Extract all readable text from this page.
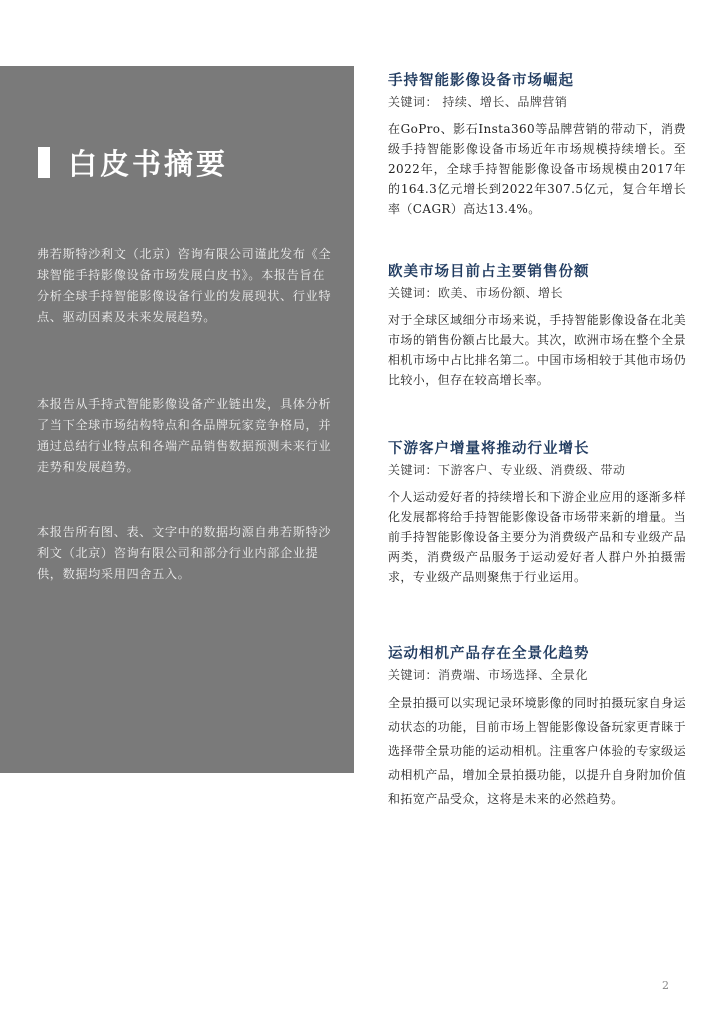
白皮书摘要

弗若斯特沙利文（北京）咨询有限公司谨此发布《全球智能手持影像设备市场发展白皮书》。本报告旨在分析全球手持智能影像设备行业的发展现状、行业特点、驱动因素及未来发展趋势。

本报告从手持式智能影像设备产业链出发，具体分析了当下全球市场结构特点和各品牌玩家竞争格局，并通过总结行业特点和各端产品销售数据预测未来行业走势和发展趋势。

本报告所有图、表、文字中的数据均源自弗若斯特沙利文（北京）咨询有限公司和部分行业内部企业提供，数据均采用四舍五入。

手持智能影像设备市场崛起
关键词： 持续、增长、品牌营销

在GoPro、影石Insta360等品牌营销的带动下，消费级手持智能影像设备市场近年市场规模持续增长。至2022年，全球手持智能影像设备市场规模由2017年的164.3亿元增长到2022年307.5亿元，复合年增长率（CAGR）高达13.4%。

欧美市场目前占主要销售份额
关键词：欧美、市场份额、增长

对于全球区域细分市场来说，手持智能影像设备在北美市场的销售份额占比最大。其次，欧洲市场在整个全景相机市场中占比排名第二。中国市场相较于其他市场仍比较小，但存在较高增长率。

下游客户增量将推动行业增长
关键词：下游客户、专业级、消费级、带动

个人运动爱好者的持续增长和下游企业应用的逐渐多样化发展都将给手持智能影像设备市场带来新的增量。当前手持智能影像设备主要分为消费级产品和专业级产品两类，消费级产品服务于运动爱好者人群户外拍摄需求，专业级产品则聚焦于行业运用。

运动相机产品存在全景化趋势
关键词：消费端、市场选择、全景化

全景拍摄可以实现记录环境影像的同时拍摄玩家自身运动状态的功能，目前市场上智能影像设备玩家更青睐于选择带全景功能的运动相机。注重客户体验的专家级运动相机产品，增加全景拍摄功能，以提升自身附加价值和拓宽产品受众，这将是未来的必然趋势。

2
